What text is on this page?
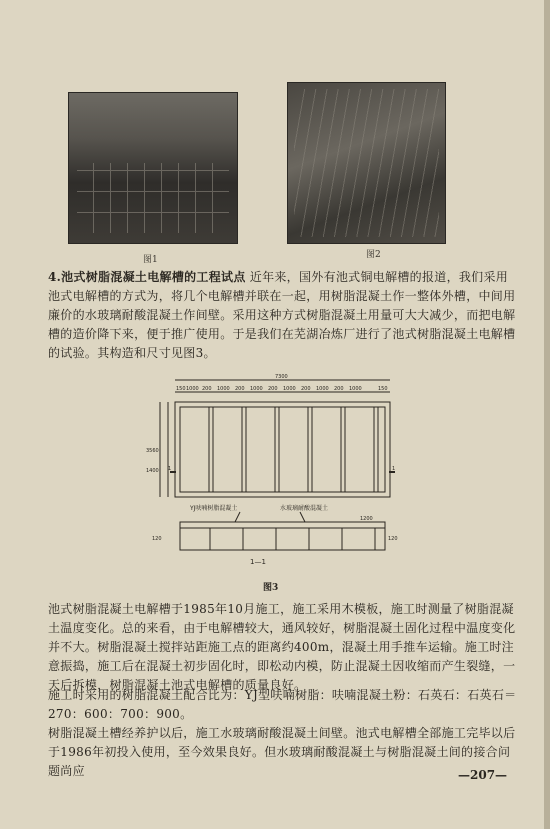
图1	图2
4.池式树脂混凝土电解槽的工程试点 近年来，国外有池式铜电解槽的报道，我们采用池式电解槽的方式为，将几个电解槽并联在一起，用树脂混凝土作一整体外槽，中间用廉价的水玻璃耐酸混凝土作间壁。采用这种方式树脂混凝土用量可大大减少，而把电解槽的造价降下来，便于推广使用。于是我们在芜湖冶炼厂进行了池式树脂混凝土电解槽的试验。其构造和尺寸见图3。
7300
150 1000 200 1000 200 1000 200 1000 200 1000 200 1000	150
3560
1400
YJ呋喃树脂混凝土	水玻璃耐酸混凝土
120
1—1
1	1
120
1200
图3
池式树脂混凝土电解槽于1985年10月施工，施工采用木模板，施工时测量了树脂混凝土温度变化。总的来看，由于电解槽较大，通风较好，树脂混凝土固化过程中温度变化并不大。树脂混凝土搅拌站距施工点的距离约400m，混凝土用手推车运输。施工时注意振捣，施工后在混凝土初步固化时，即松动内模，防止混凝土因收缩而产生裂缝，一天后拆模，树脂混凝土池式电解槽的质量良好。
施工时采用的树脂混凝土配合比为：YJ型呋喃树脂：呋喃混凝土粉：石英石：石英石＝270：600：700：900。
树脂混凝土槽经养护以后，施工水玻璃耐酸混凝土间壁。池式电解槽全部施工完毕以后于1986年初投入使用，至今效果良好。但水玻璃耐酸混凝土与树脂混凝土间的接合问题尚应	—207—
